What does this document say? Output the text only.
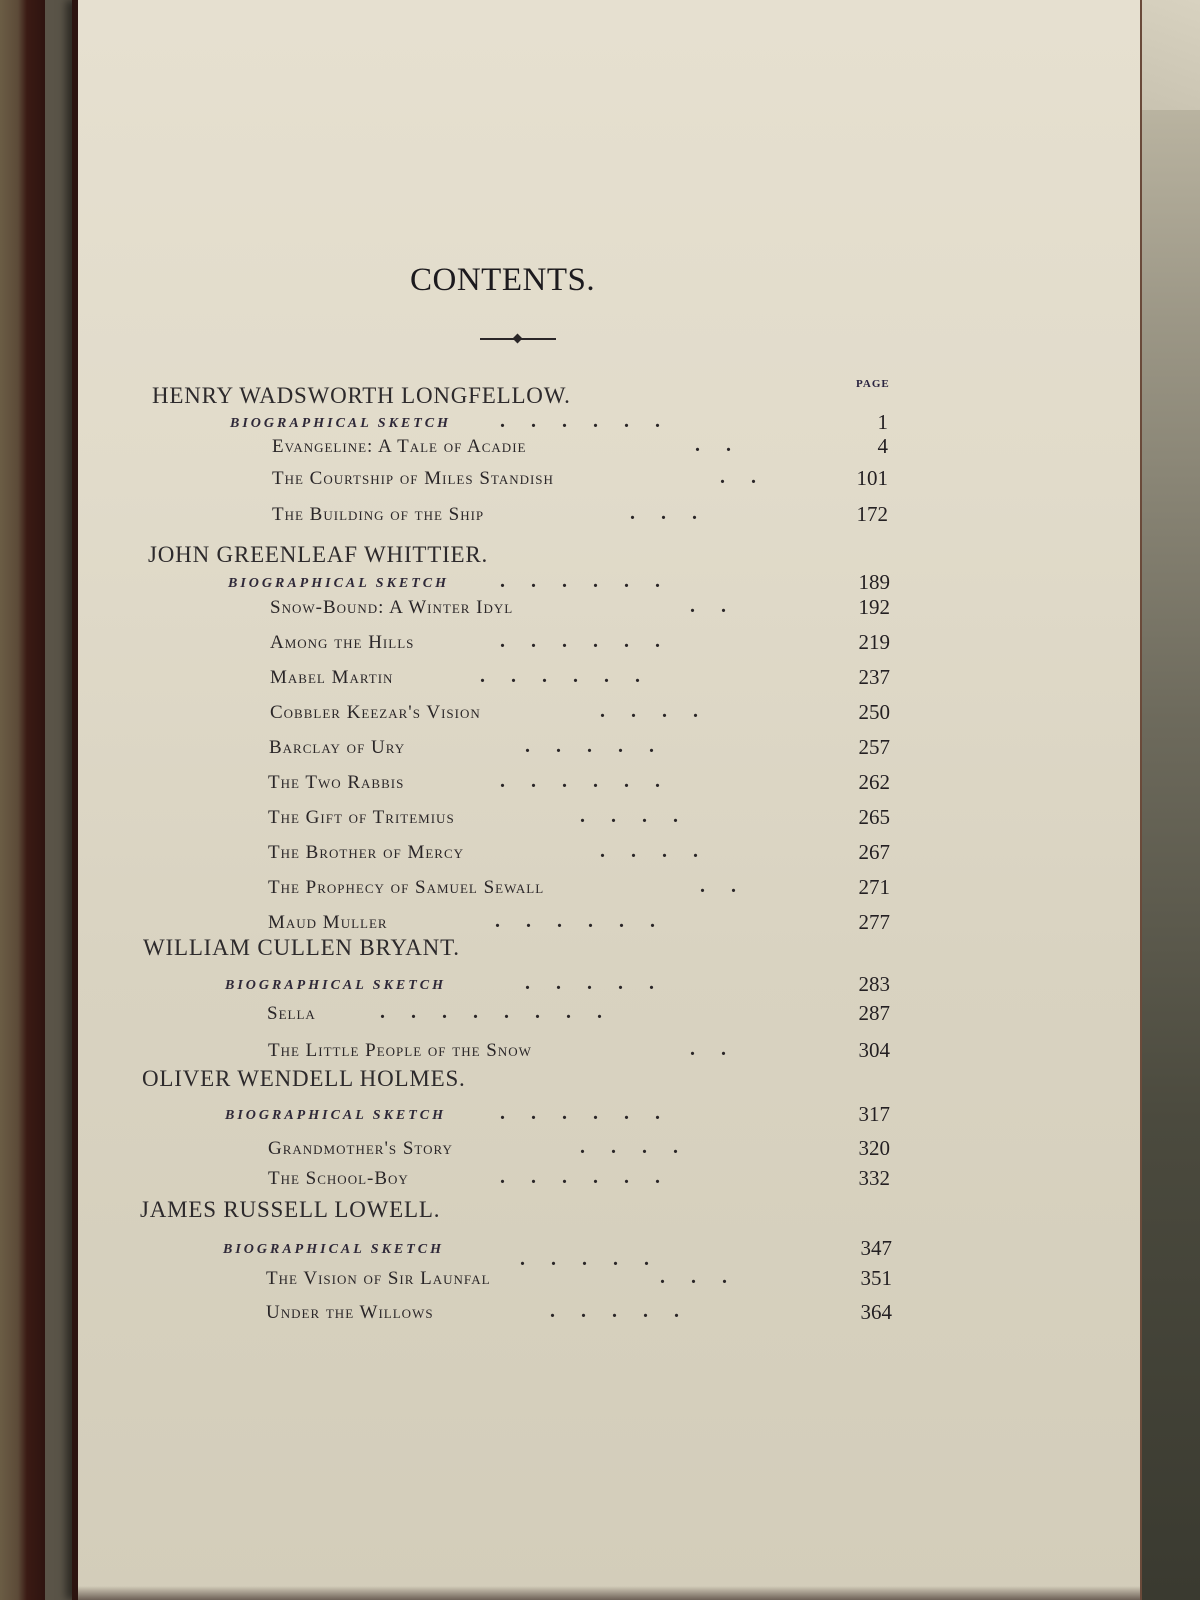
CONTENTS.
PAGE
HENRY WADSWORTH LONGFELLOW.
BIOGRAPHICAL SKETCH ......	1
Evangeline: A Tale of Acadie	..	4
The Courtship of Miles Standish	..	101
The Building of the Ship	...	172
JOHN GREENLEAF WHITTIER.
BIOGRAPHICAL SKETCH	......	189
Snow-Bound: A Winter Idyl	..	192
Among the Hills	......	219
Mabel Martin	......	237
Cobbler Keezar's Vision	....	250
Barclay of Ury	.....	257
The Two Rabbis	......	262
The Gift of Tritemius	....	265
The Brother of Mercy	....	267
The Prophecy of Samuel Sewall	..	271
Maud Muller	......	277
WILLIAM CULLEN BRYANT.
BIOGRAPHICAL SKETCH	.....	283
Sella	........	287
The Little People of the Snow	..	304
OLIVER WENDELL HOLMES.
BIOGRAPHICAL SKETCH	......	317
Grandmother's Story	....	320
The School-Boy	......	332
JAMES RUSSELL LOWELL.
BIOGRAPHICAL SKETCH	.....	347
The Vision of Sir Launfal	...	351
Under the Willows	.....	364
